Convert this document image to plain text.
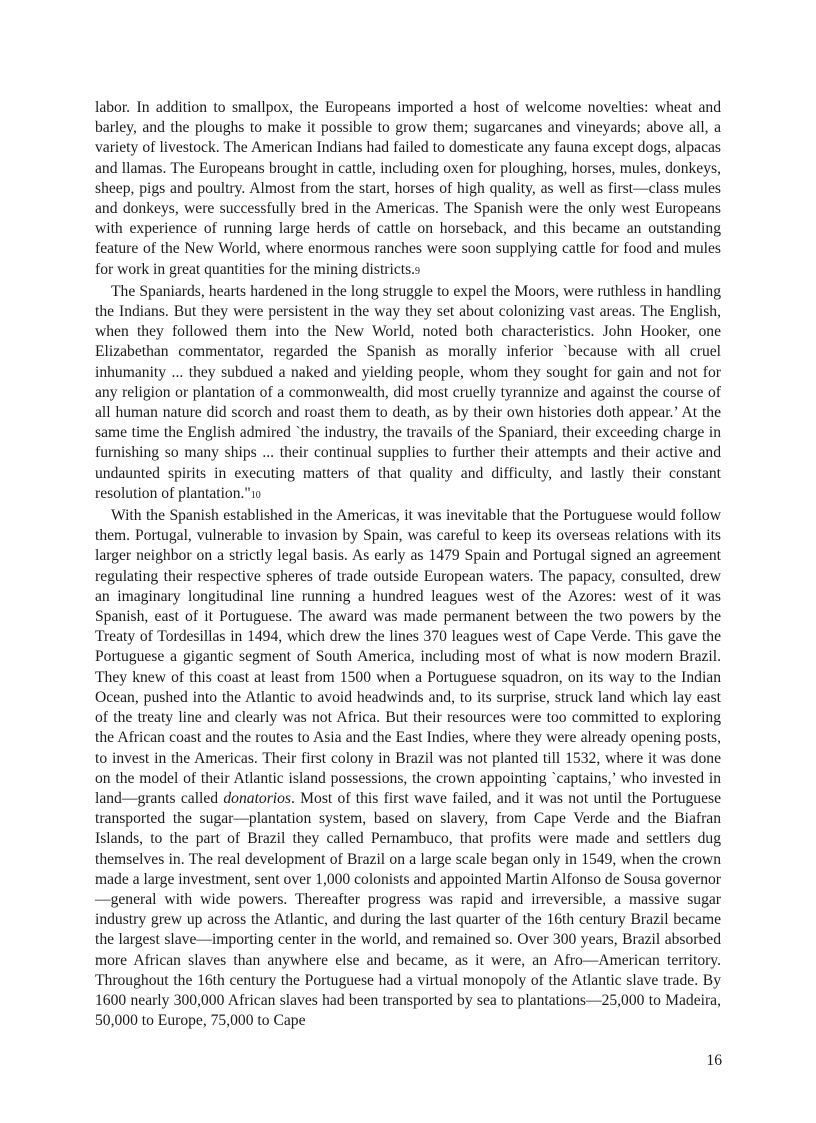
labor. In addition to smallpox, the Europeans imported a host of welcome novelties: wheat and barley, and the ploughs to make it possible to grow them; sugarcanes and vineyards; above all, a variety of livestock. The American Indians had failed to domesticate any fauna except dogs, alpacas and llamas. The Europeans brought in cattle, including oxen for ploughing, horses, mules, donkeys, sheep, pigs and poultry. Almost from the start, horses of high quality, as well as first—class mules and donkeys, were successfully bred in the Americas. The Spanish were the only west Europeans with experience of running large herds of cattle on horseback, and this became an outstanding feature of the New World, where enormous ranches were soon supplying cattle for food and mules for work in great quantities for the mining districts.9

The Spaniards, hearts hardened in the long struggle to expel the Moors, were ruthless in handling the Indians. But they were persistent in the way they set about colonizing vast areas. The English, when they followed them into the New World, noted both characteristics. John Hooker, one Elizabethan commentator, regarded the Spanish as morally inferior `because with all cruel inhumanity ... they subdued a naked and yielding people, whom they sought for gain and not for any religion or plantation of a commonwealth, did most cruelly tyrannize and against the course of all human nature did scorch and roast them to death, as by their own histories doth appear.’ At the same time the English admired `the industry, the travails of the Spaniard, their exceeding charge in furnishing so many ships ... their continual supplies to further their attempts and their active and undaunted spirits in executing matters of that quality and difficulty, and lastly their constant resolution of plantation."10

With the Spanish established in the Americas, it was inevitable that the Portuguese would follow them. Portugal, vulnerable to invasion by Spain, was careful to keep its overseas relations with its larger neighbor on a strictly legal basis. As early as 1479 Spain and Portugal signed an agreement regulating their respective spheres of trade outside European waters. The papacy, consulted, drew an imaginary longitudinal line running a hundred leagues west of the Azores: west of it was Spanish, east of it Portuguese. The award was made permanent between the two powers by the Treaty of Tordesillas in 1494, which drew the lines 370 leagues west of Cape Verde. This gave the Portuguese a gigantic segment of South America, including most of what is now modern Brazil. They knew of this coast at least from 1500 when a Portuguese squadron, on its way to the Indian Ocean, pushed into the Atlantic to avoid headwinds and, to its surprise, struck land which lay east of the treaty line and clearly was not Africa. But their resources were too committed to exploring the African coast and the routes to Asia and the East Indies, where they were already opening posts, to invest in the Americas. Their first colony in Brazil was not planted till 1532, where it was done on the model of their Atlantic island possessions, the crown appointing `captains,’ who invested in land—grants called donatorios. Most of this first wave failed, and it was not until the Portuguese transported the sugar—plantation system, based on slavery, from Cape Verde and the Biafran Islands, to the part of Brazil they called Pernambuco, that profits were made and settlers dug themselves in. The real development of Brazil on a large scale began only in 1549, when the crown made a large investment, sent over 1,000 colonists and appointed Martin Alfonso de Sousa governor—general with wide powers. Thereafter progress was rapid and irreversible, a massive sugar industry grew up across the Atlantic, and during the last quarter of the 16th century Brazil became the largest slave—importing center in the world, and remained so. Over 300 years, Brazil absorbed more African slaves than anywhere else and became, as it were, an Afro—American territory. Throughout the 16th century the Portuguese had a virtual monopoly of the Atlantic slave trade. By 1600 nearly 300,000 African slaves had been transported by sea to plantations—25,000 to Madeira, 50,000 to Europe, 75,000 to Cape

16
